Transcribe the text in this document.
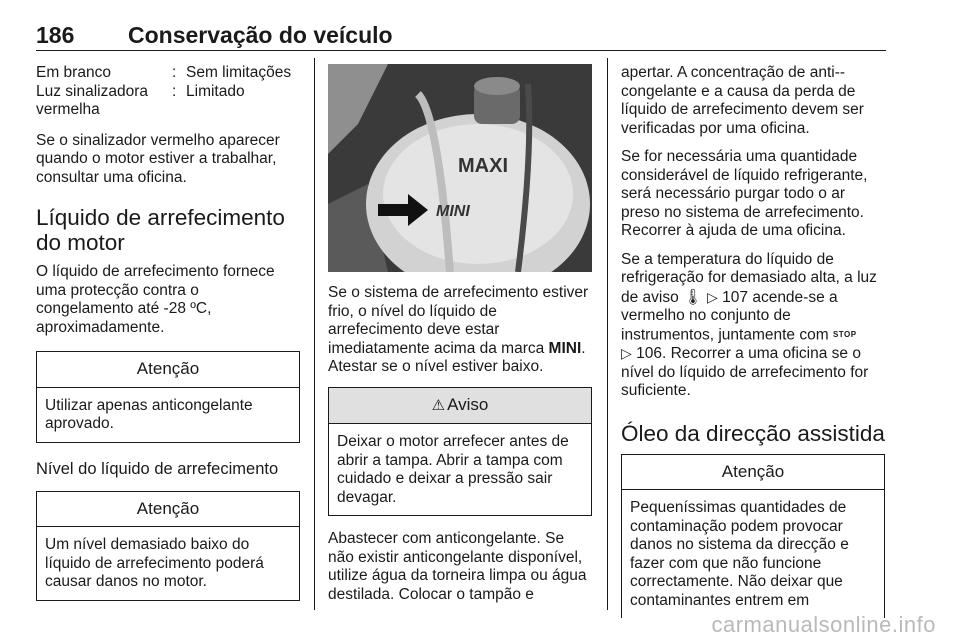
186 Conservação do veículo
Em branco	: Sem limitações
Luz sinalizadora vermelha
: Limitado

Se o sinalizador vermelho aparecer quando o motor estiver a trabalhar, consultar uma oficina.

Líquido de arrefecimento do motor

O líquido de arrefecimento fornece uma protecção contra o congelamento até -28 ºC, aproximadamente.

Atenção
Utilizar apenas anticongelante aprovado.
Nível do líquido de arrefecimento
Atenção
Um nível demasiado baixo do líquido de arrefecimento poderá causar danos no motor.
MAXI
MINI

Se o sistema de arrefecimento estiver frio, o nível do líquido de arrefecimento deve estar imediatamente acima da marca MINI. Atestar se o nível estiver baixo.

⚠ Aviso
Deixar o motor arrefecer antes de abrir a tampa. Abrir a tampa com cuidado e deixar a pressão sair devagar.

Abastecer com anticongelante. Se não existir anticongelante disponível, utilize água da torneira limpa ou água destilada. Colocar o tampão e

apertar. A concentração de anti--congelante e a causa da perda de líquido de arrefecimento devem ser verificadas por uma oficina.

Se for necessária uma quantidade considerável de líquido refrigerante, será necessário purgar todo o ar preso no sistema de arrefecimento. Recorrer à ajuda de uma oficina.

Se a temperatura do líquido de refrigeração for demasiado alta, a luz de aviso 🌡 ▷ 107 acende-se a vermelho no conjunto de instrumentos, juntamente com STOP
▷ 106. Recorrer a uma oficina se o nível do líquido de arrefecimento for suficiente.

Óleo da direcção assistida
Atenção
Pequeníssimas quantidades de contaminação podem provocar danos no sistema da direcção e fazer com que não funcione correctamente. Não deixar que contaminantes entrem em
carmanualsonline.info
